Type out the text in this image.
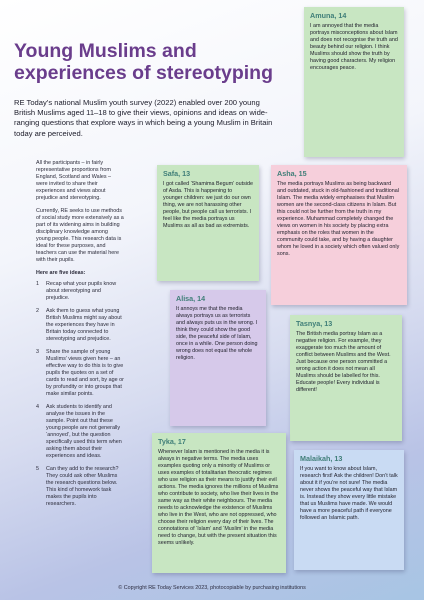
Young Muslims and experiences of stereotyping

RE Today’s national Muslim youth survey (2022) enabled over 200 young British Muslims aged 11–18 to give their views, opinions and ideas on wide-ranging questions that explore ways in which being a young Muslim in Britain today are perceived.

All the participants – in fairly representative proportions from England, Scotland and Wales – were invited to share their experiences and views about prejudice and stereotyping.

Currently, RE seeks to use methods of social study more extensively as a part of its widening aims in building disciplinary knowledge among young people. This research data is ideal for these purposes, and teachers can use the material here with their pupils.

Here are five ideas:
1	Recap what your pupils know about stereotyping and prejudice.
2	Ask them to guess what young British Muslims might say about the experiences they have in Britain today connected to stereotyping and prejudice.
3	Share the sample of young Muslims’ views given here – an effective way to do this is to give pupils the quotes on a set of cards to read and sort, by age or by profundity or into groups that make similar points.
4	Ask students to identify and analyse the issues in the sample. Point out that these young people are not generally ‘annoyed’, but the question specifically used this term when asking them about their experiences and ideas.
5	Can they add to the research? They could ask other Muslims the research questions below. This kind of homework task makes the pupils into researchers.
Amuna, 14
I am annoyed that the media portrays misconceptions about Islam and does not recognise the truth and beauty behind our religion. I think Muslims should show the truth by having good characters. My religion encourages peace.
Safa, 13
I got called ‘Shamima Begum’ outside of Asda. This is happening to younger children: we just do our own thing, we are not harassing other people, but people call us terrorists. I feel like the media portrays us Muslims as all as bad as extremists.
Asha, 15
The media portrays Muslims as being backward and outdated, stuck in old-fashioned and traditional Islam. The media widely emphasises that Muslim women are the second-class citizens in Islam. But this could not be further from the truth in my experience. Muhammad completely changed the views on women in his society by placing extra emphasis on the roles that women in the community could take, and by having a daughter whom he loved in a society which often valued only sons.
Alisa, 14
It annoys me that the media always portrays us as terrorists and always puts us in the wrong. I think they could show the good side, the peaceful side of Islam, once in a while. One person doing wrong does not equal the whole religion.
Tasnya, 13
The British media portray Islam as a negative religion. For example, they exaggerate too much the amount of conflict between Muslims and the West. Just because one person committed a wrong action it does not mean all Muslims should be labelled for this. Educate people! Every individual is different!
Tyka, 17
Whenever Islam is mentioned in the media it is always in negative terms. The media uses examples quoting only a minority of Muslims or uses examples of totalitarian theocratic regimes who use religion as their means to justify their evil actions. The media ignores the millions of Muslims who contribute to society, who live their lives in the same way as their white neighbours. The media needs to acknowledge the existence of Muslims who live in the West, who are not oppressed, who choose their religion every day of their lives. The connotations of ‘Islam’ and ‘Muslim’ in the media need to change, but with the present situation this seems unlikely.
Malaikah, 13
If you want to know about Islam, research first! Ask the children! Don’t talk about it if you’re not sure! The media never shows the peaceful way that Islam is. Instead they show every little mistake that us Muslims have made. We would have a more peaceful path if everyone followed an Islamic path.
© Copyright RE Today Services 2023, photocopiable by purchasing institutions
